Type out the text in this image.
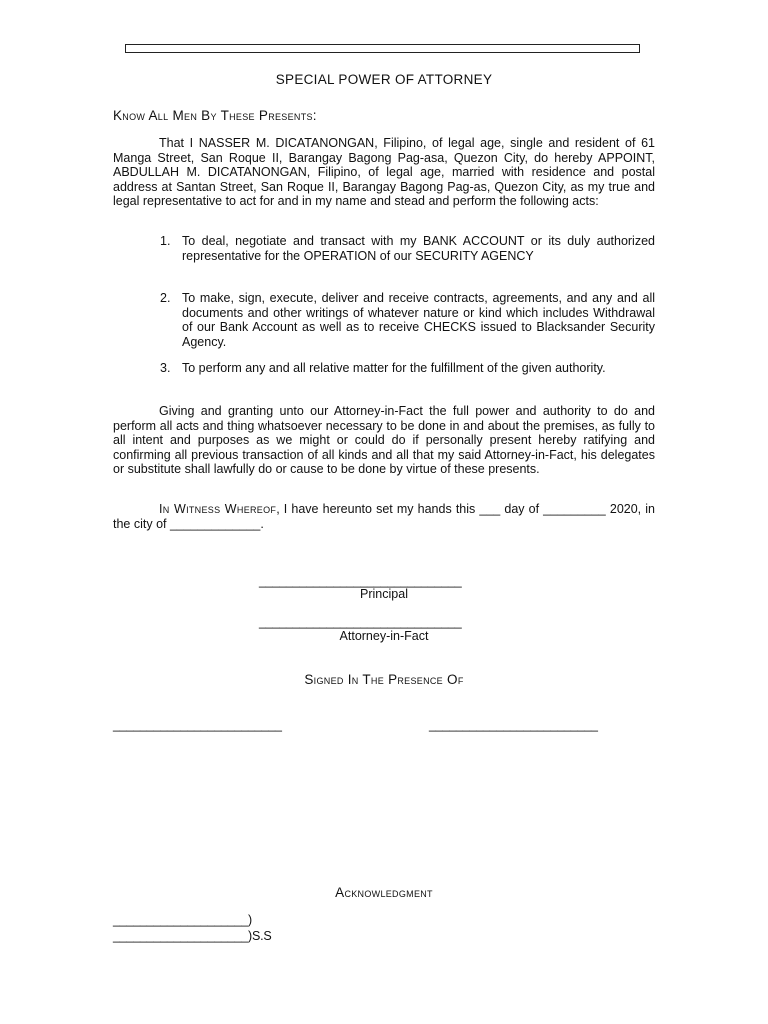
SPECIAL POWER OF ATTORNEY
Know All Men By These Presents:

That I NASSER M. DICATANONGAN, Filipino, of legal age, single and resident of 61 Manga Street, San Roque II, Barangay Bagong Pag-asa, Quezon City, do hereby APPOINT, ABDULLAH M. DICATANONGAN, Filipino, of legal age, married with residence and postal address at Santan Street, San Roque II, Barangay Bagong Pag-as, Quezon City, as my true and legal representative to act for and in my name and stead and perform the following acts:

1. To deal, negotiate and transact with my BANK ACCOUNT or its duly authorized representative for the OPERATION of our SECURITY AGENCY
2. To make, sign, execute, deliver and receive contracts, agreements, and any and all documents and other writings of whatever nature or kind which includes Withdrawal of our Bank Account as well as to receive CHECKS issued to Blacksander Security Agency.
3. To perform any and all relative matter for the fulfillment of the given authority.

Giving and granting unto our Attorney-in-Fact the full power and authority to do and perform all acts and thing whatsoever necessary to be done in and about the premises, as fully to all intent and purposes as we might or could do if personally present hereby ratifying and confirming all previous transaction of all kinds and all that my said Attorney-in-Fact, his delegates or substitute shall lawfully do or cause to be done by virtue of these presents.

In Witness Whereof, I have hereunto set my hands this ___ day of _________ 2020, in the city of _____________.
______________________________
Principal
______________________________
Attorney-in-Fact
Signed In The Presence Of
_________________________	_________________________
Acknowledgment
____________________)
____________________)S.S
